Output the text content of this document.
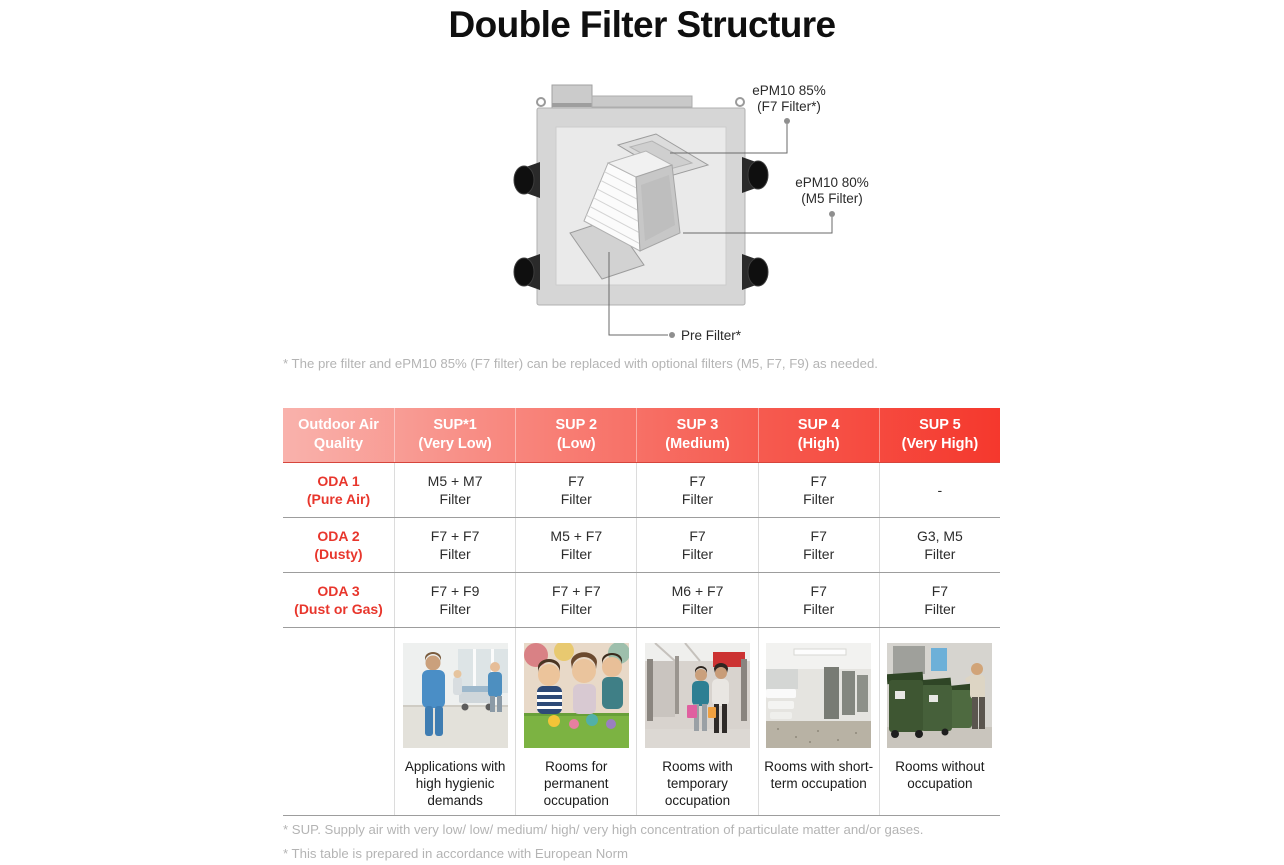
Double Filter Structure
ePM10 85%
(F7 Filter*)
ePM10 80%
(M5 Filter)
Pre Filter*
* The pre filter and ePM10 85% (F7 filter) can be replaced with optional filters (M5, F7, F9) as needed.
Outdoor Air
Quality
SUP*1
(Very Low)
SUP 2
(Low)
SUP 3
(Medium)
SUP 4
(High)
SUP 5
(Very High)
ODA 1
(Pure Air)
M5 + M7
Filter
F7
Filter
F7
Filter
F7
Filter
-
ODA 2
(Dusty)
F7 + F7
Filter
M5 + F7
Filter
F7
Filter
F7
Filter
G3, M5
Filter
ODA 3
(Dust or Gas)
F7 + F9
Filter
F7 + F7
Filter
M6 + F7
Filter
F7
Filter
F7
Filter
Applications with high hygienic demands
Rooms for permanent occupation
Rooms with temporary occupation
Rooms with short-term occupation
Rooms without occupation
* SUP. Supply air with very low/ low/ medium/ high/ very high concentration of particulate matter and/or gases.
* This table is prepared in accordance with European Norm
